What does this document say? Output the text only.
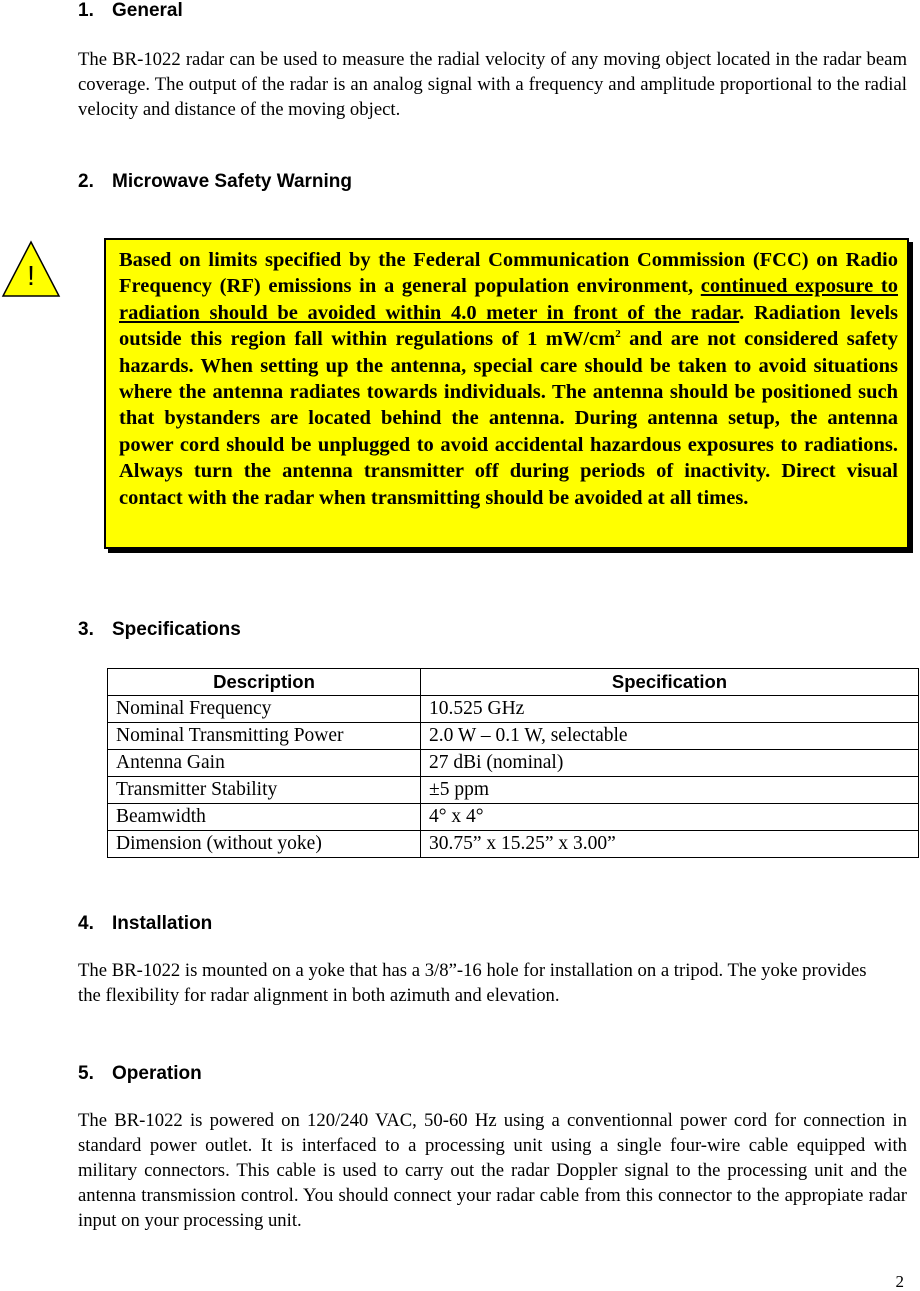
1. General

The BR-1022 radar can be used to measure the radial velocity of any moving object located in the radar beam coverage. The output of the radar is an analog signal with a frequency and amplitude proportional to the radial velocity and distance of the moving object.

2. Microwave Safety Warning
!	Based on limits specified by the Federal Communication Commission (FCC) on Radio Frequency (RF) emissions in a general population environment, continued exposure to radiation should be avoided within 4.0 meter in front of the radar. Radiation levels outside this region fall within regulations of 1 $mW/cm^2$ and are not considered safety hazards. When setting up the antenna, special care should be taken to avoid situations where the antenna radiates towards individuals. The antenna should be positioned such that bystanders are located behind the antenna. During antenna setup, the antenna power cord should be unplugged to avoid accidental hazardous exposures to radiations. Always turn the antenna transmitter off during periods of inactivity. Direct visual contact with the radar when transmitting should be avoided at all times.

3. Specifications
Description	Specification
Nominal Frequency	10.525 GHz
Nominal Transmitting Power	2.0 W – 0.1 W, selectable
Antenna Gain	27 dBi (nominal)
Transmitter Stability	±5 ppm
Beamwidth	4° x 4°
Dimension (without yoke)	30.75” x 15.25” x 3.00”
4. Installation

The BR-1022 is mounted on a yoke that has a 3/8”-16 hole for installation on a tripod. The yoke provides the flexibility for radar alignment in both azimuth and elevation.

5. Operation

The BR-1022 is powered on 120/240 VAC, 50-60 Hz using a conventionnal power cord for connection in standard power outlet. It is interfaced to a processing unit using a single four-wire cable equipped with military connectors. This cable is used to carry out the radar Doppler signal to the processing unit and the antenna transmission control. You should connect your radar cable from this connector to the appropiate radar input on your processing unit.

2
